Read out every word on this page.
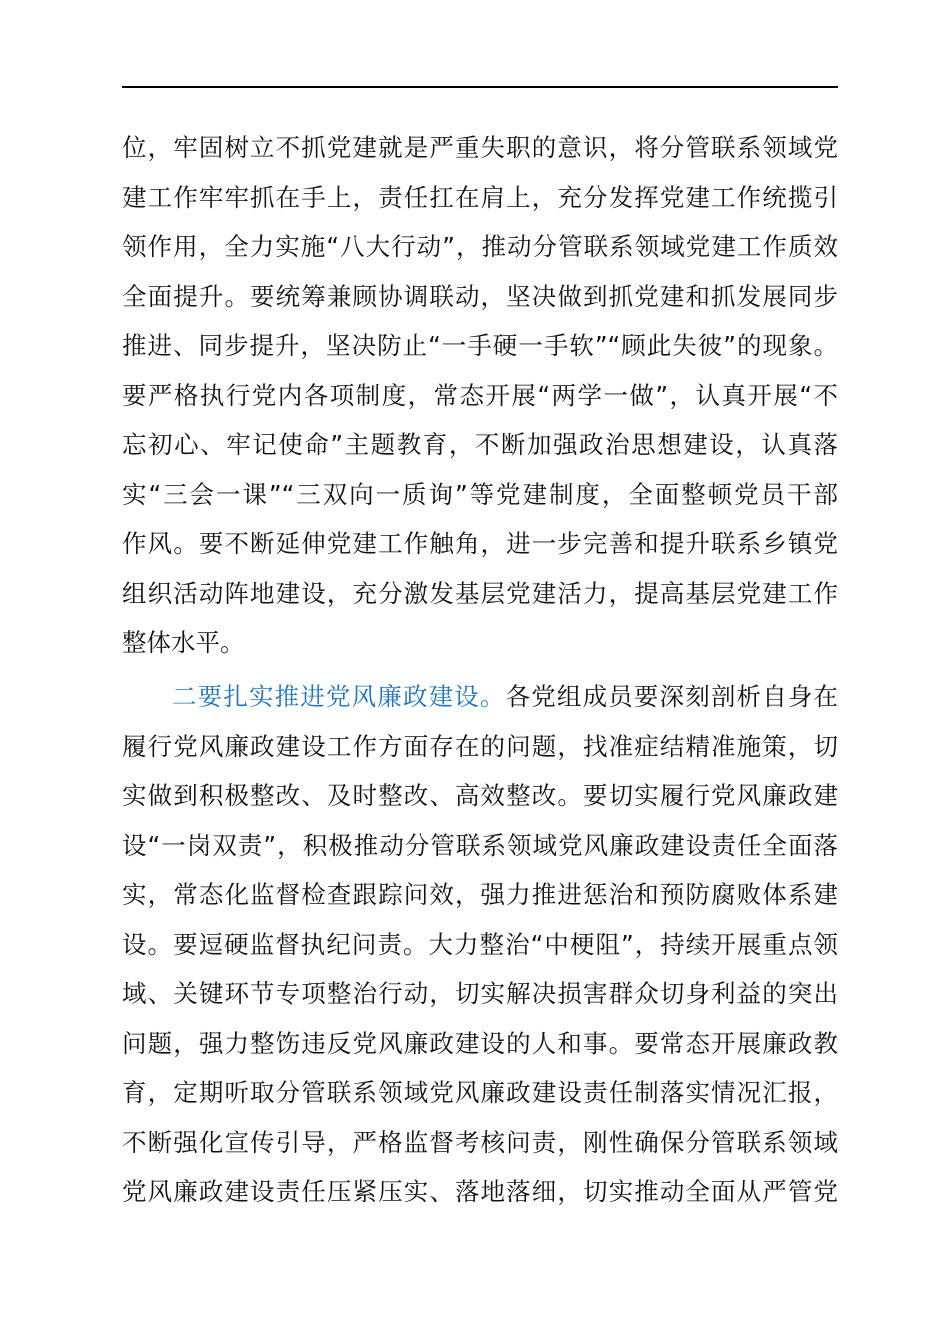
位，牢固树立不抓党建就是严重失职的意识，将分管联系领域党
建工作牢牢抓在手上，责任扛在肩上，充分发挥党建工作统揽引
领作用，全力实施“八大行动”，推动分管联系领域党建工作质效
全面提升。要统筹兼顾协调联动，坚决做到抓党建和抓发展同步
推进、同步提升，坚决防止“一手硬一手软”“顾此失彼”的现象。
要严格执行党内各项制度，常态开展“两学一做”，认真开展“不
忘初心、牢记使命”主题教育，不断加强政治思想建设，认真落
实“三会一课”“三双向一质询”等党建制度，全面整顿党员干部
作风。要不断延伸党建工作触角，进一步完善和提升联系乡镇党
组织活动阵地建设，充分激发基层党建活力，提高基层党建工作
整体水平。
二要扎实推进党风廉政建设。各党组成员要深刻剖析自身在
履行党风廉政建设工作方面存在的问题，找准症结精准施策，切
实做到积极整改、及时整改、高效整改。要切实履行党风廉政建
设“一岗双责”，积极推动分管联系领域党风廉政建设责任全面落
实，常态化监督检查跟踪问效，强力推进惩治和预防腐败体系建
设。要逗硬监督执纪问责。大力整治“中梗阻”，持续开展重点领
域、关键环节专项整治行动，切实解决损害群众切身利益的突出
问题，强力整饬违反党风廉政建设的人和事。要常态开展廉政教
育，定期听取分管联系领域党风廉政建设责任制落实情况汇报，
不断强化宣传引导，严格监督考核问责，刚性确保分管联系领域
党风廉政建设责任压紧压实、落地落细，切实推动全面从严管党
